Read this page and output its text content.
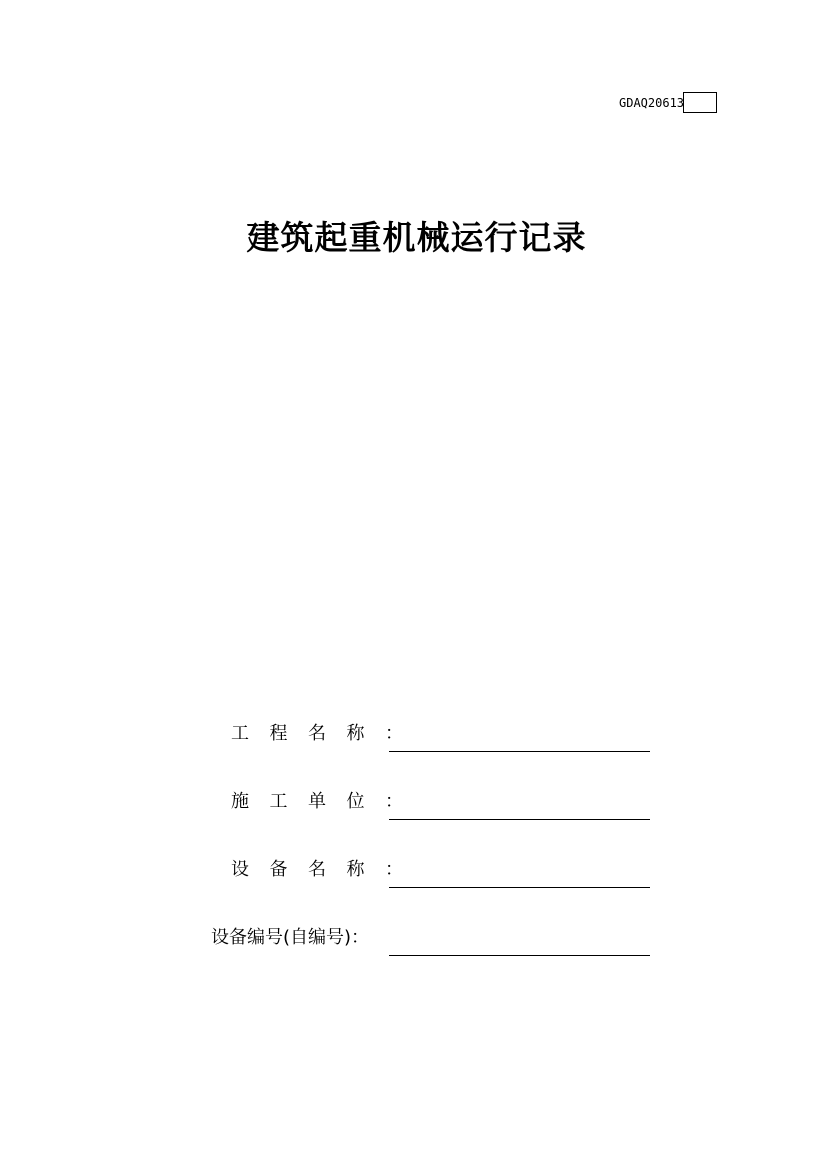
GDAQ20613
建筑起重机械运行记录
工程名称：
施工单位：
设备名称：
设备编号(自编号)：
